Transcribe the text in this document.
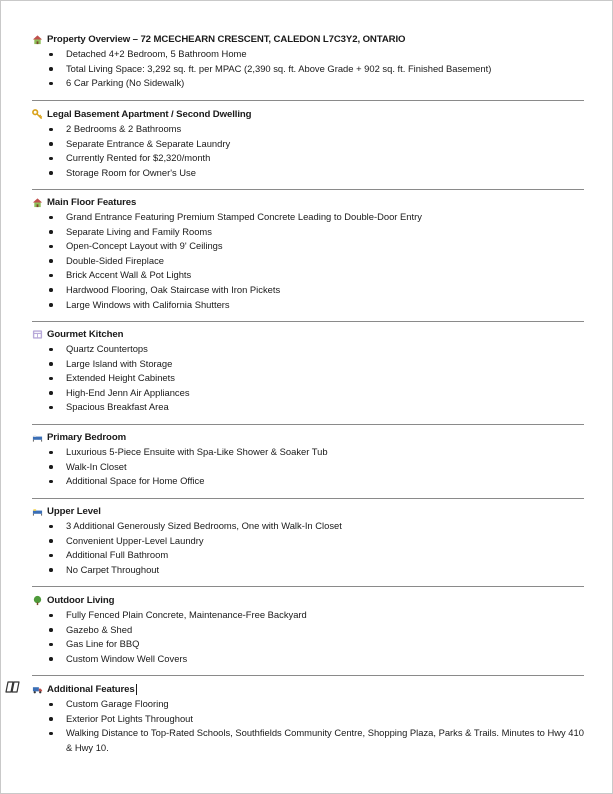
Property Overview – 72 MCECHEARN CRESCENT, CALEDON L7C3Y2, ONTARIO
Detached 4+2 Bedroom, 5 Bathroom Home
Total Living Space: 3,292 sq. ft. per MPAC (2,390 sq. ft. Above Grade + 902 sq. ft. Finished Basement)
6 Car Parking (No Sidewalk)
Legal Basement Apartment / Second Dwelling
2 Bedrooms & 2 Bathrooms
Separate Entrance & Separate Laundry
Currently Rented for $2,320/month
Storage Room for Owner's Use
Main Floor Features
Grand Entrance Featuring Premium Stamped Concrete Leading to Double-Door Entry
Separate Living and Family Rooms
Open-Concept Layout with 9' Ceilings
Double-Sided Fireplace
Brick Accent Wall & Pot Lights
Hardwood Flooring, Oak Staircase with Iron Pickets
Large Windows with California Shutters
Gourmet Kitchen
Quartz Countertops
Large Island with Storage
Extended Height Cabinets
High-End Jenn Air Appliances
Spacious Breakfast Area
Primary Bedroom
Luxurious 5-Piece Ensuite with Spa-Like Shower & Soaker Tub
Walk-In Closet
Additional Space for Home Office
Upper Level
3 Additional Generously Sized Bedrooms, One with Walk-In Closet
Convenient Upper-Level Laundry
Additional Full Bathroom
No Carpet Throughout
Outdoor Living
Fully Fenced Plain Concrete, Maintenance-Free Backyard
Gazebo & Shed
Gas Line for BBQ
Custom Window Well Covers
Additional Features
Custom Garage Flooring
Exterior Pot Lights Throughout
Walking Distance to Top-Rated Schools, Southfields Community Centre, Shopping Plaza, Parks & Trails. Minutes to Hwy 410 & Hwy 10.
